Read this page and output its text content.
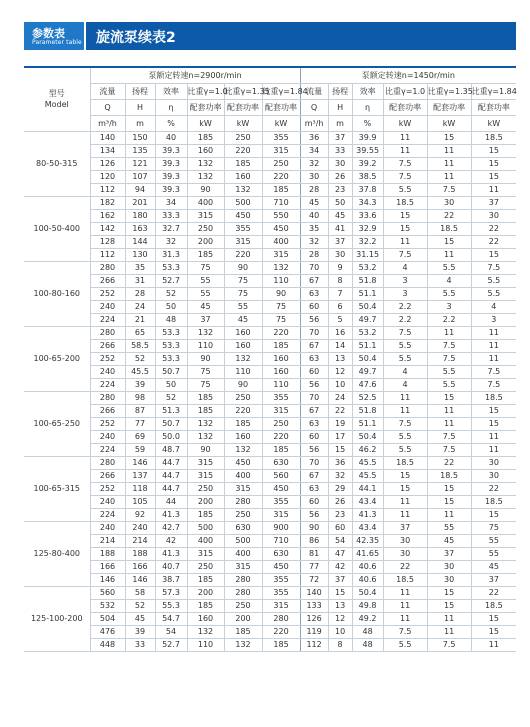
参数表
Parameter table 旋流泵续表2
型号
Model	泵额定转速n=2900r/min						泵额定转速n=1450r/min					
	流量	扬程	效率	比重γ=1.0	比重γ=1.35	比重γ=1.84	流量	扬程	效率	比重γ=1.0	比重γ=1.35	比重γ=1.84
	Q	H	η	配套功率	配套功率	配套功率	Q	H	η	配套功率	配套功率	配套功率
	m³/h	m	%	kW	kW	kW	m³/h	m	%	kW	kW	kW
80-50-315	140	150	40	185	250	355	36	37	39.9	11	15	18.5
	134	135	39.3	160	220	315	34	33	39.55	11	11	15
	126	121	39.3	132	185	250	32	30	39.2	7.5	11	15
	120	107	39.3	132	160	220	30	26	38.5	7.5	11	15
	112	94	39.3	90	132	185	28	23	37.8	5.5	7.5	11
100-50-400	182	201	34	400	500	710	45	50	34.3	18.5	30	37
	162	180	33.3	315	450	550	40	45	33.6	15	22	30
	142	163	32.7	250	355	450	35	41	32.9	15	18.5	22
	128	144	32	200	315	400	32	37	32.2	11	15	22
	112	130	31.3	185	220	315	28	30	31.15	7.5	11	15
100-80-160	280	35	53.3	75	90	132	70	9	53.2	4	5.5	7.5
	266	31	52.7	55	75	110	67	8	51.8	3	4	5.5
	252	28	52	55	75	90	63	7	51.1	3	5.5	5.5
	240	24	50	45	55	75	60	6	50.4	2.2	3	4
	224	21	48	37	45	75	56	5	49.7	2.2	2.2	3
100-65-200	280	65	53.3	132	160	220	70	16	53.2	7.5	11	11
	266	58.5	53.3	110	160	185	67	14	51.1	5.5	7.5	11
	252	52	53.3	90	132	160	63	13	50.4	5.5	7.5	11
	240	45.5	50.7	75	110	160	60	12	49.7	4	5.5	7.5
	224	39	50	75	90	110	56	10	47.6	4	5.5	7.5
100-65-250	280	98	52	185	250	355	70	24	52.5	11	15	18.5
	266	87	51.3	185	220	315	67	22	51.8	11	11	15
	252	77	50.7	132	185	250	63	19	51.1	7.5	11	15
	240	69	50.0	132	160	220	60	17	50.4	5.5	7.5	11
	224	59	48.7	90	132	185	56	15	46.2	5.5	7.5	11
100-65-315	280	146	44.7	315	450	630	70	36	45.5	18.5	22	30
	266	137	44.7	315	400	560	67	32	45.5	15	18.5	30
	252	118	44.7	250	315	450	63	29	44.1	15	15	22
	240	105	44	200	280	355	60	26	43.4	11	15	18.5
	224	92	41.3	185	250	315	56	23	41.3	11	11	15
125-80-400	240	240	42.7	500	630	900	90	60	43.4	37	55	75
	214	214	42	400	500	710	86	54	42.35	30	45	55
	188	188	41.3	315	400	630	81	47	41.65	30	37	55
	166	166	40.7	250	315	450	77	42	40.6	22	30	45
	146	146	38.7	185	280	355	72	37	40.6	18.5	30	37
125-100-200	560	58	57.3	200	280	355	140	15	50.4	11	15	22
	532	52	55.3	185	250	315	133	13	49.8	11	15	18.5
	504	45	54.7	160	200	280	126	12	49.2	11	11	15
	476	39	54	132	185	220	119	10	48	7.5	11	15
	448	33	52.7	110	132	185	112	8	48	5.5	7.5	11
